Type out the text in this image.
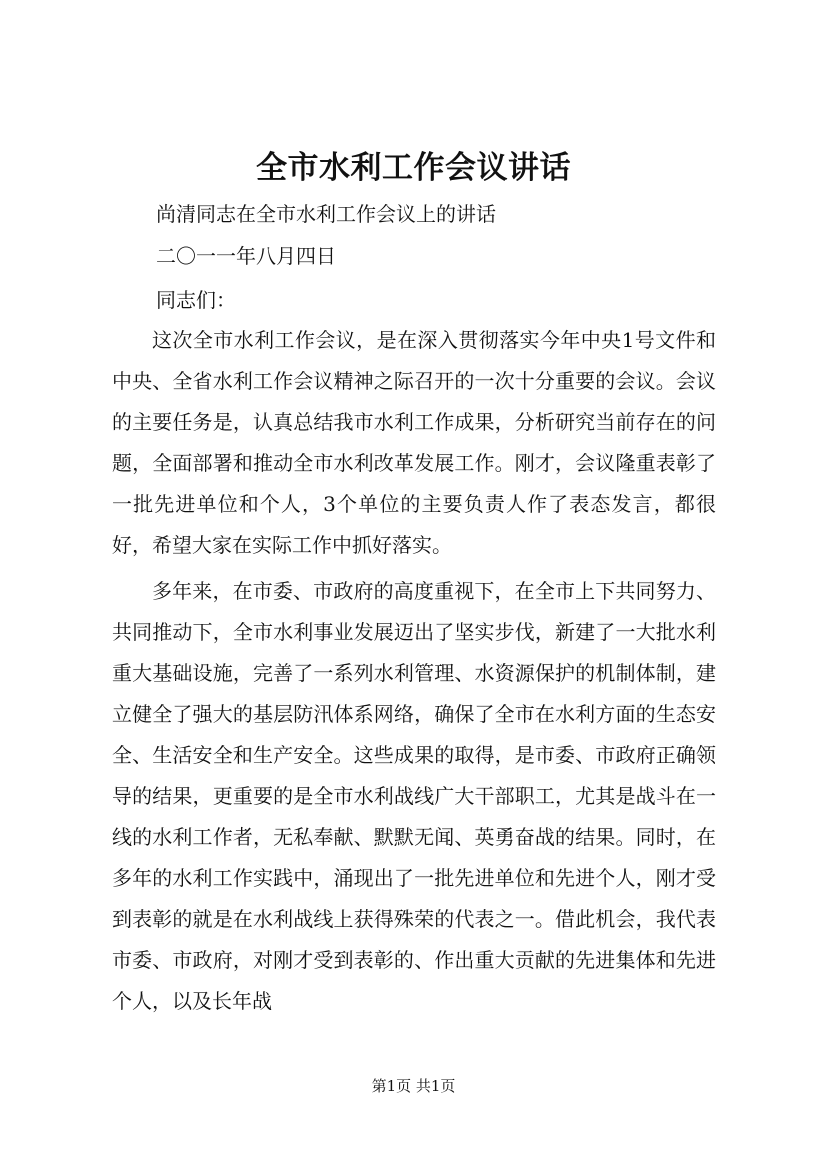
全市水利工作会议讲话
尚清同志在全市水利工作会议上的讲话
二〇一一年八月四日
同志们：

这次全市水利工作会议，是在深入贯彻落实今年中央1号文件和中央、全省水利工作会议精神之际召开的一次十分重要的会议。会议的主要任务是，认真总结我市水利工作成果，分析研究当前存在的问题，全面部署和推动全市水利改革发展工作。刚才，会议隆重表彰了一批先进单位和个人，3个单位的主要负责人作了表态发言，都很好，希望大家在实际工作中抓好落实。

多年来，在市委、市政府的高度重视下，在全市上下共同努力、共同推动下，全市水利事业发展迈出了坚实步伐，新建了一大批水利重大基础设施，完善了一系列水利管理、水资源保护的机制体制，建立健全了强大的基层防汛体系网络，确保了全市在水利方面的生态安全、生活安全和生产安全。这些成果的取得，是市委、市政府正确领导的结果，更重要的是全市水利战线广大干部职工，尤其是战斗在一线的水利工作者，无私奉献、默默无闻、英勇奋战的结果。同时，在多年的水利工作实践中，涌现出了一批先进单位和先进个人，刚才受到表彰的就是在水利战线上获得殊荣的代表之一。借此机会，我代表市委、市政府，对刚才受到表彰的、作出重大贡献的先进集体和先进个人，以及长年战

第1页 共1页
